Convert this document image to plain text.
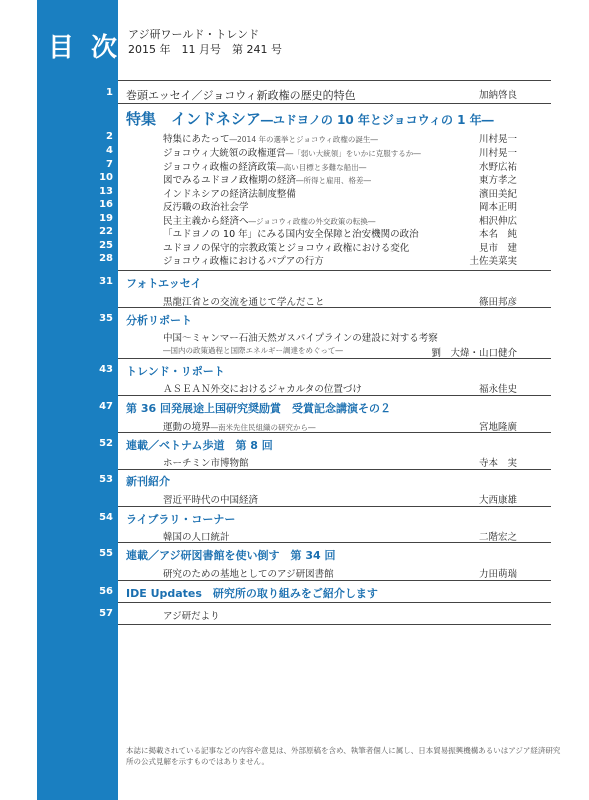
目次
アジ研ワールド・トレンド
2015 年　11 月号　第 241 号
1 巻頭エッセイ／ジョコウィ新政権の歴史的特色	加納啓良
特集　インドネシア―ユドヨノの 10 年とジョコウィの 1 年―
2	特集にあたって―2014 年の選挙とジョコウィ政権の誕生―	川村晃一
4	ジョコウィ大統領の政権運営―「弱い大統領」をいかに克服するか―	川村晃一
7	ジョコウィ政権の経済政策―高い目標と多難な船出―	水野広祐
10	図でみるユドヨノ政権期の経済―所得と雇用、格差―	東方孝之
13	インドネシアの経済法制度整備	濱田美紀
16	反汚職の政治社会学	岡本正明
19	民主主義から経済へ―ジョコウィ政権の外交政策の転換―	相沢伸広
22	「ユドヨノの 10 年」にみる国内安全保障と治安機関の政治	本名　純
25	ユドヨノの保守的宗教政策とジョコウィ政権における変化	見市　建
28	ジョコウィ政権におけるパプアの行方	土佐美菜実
31 フォトエッセイ
黒龍江省との交流を通じて学んだこと	篠田邦彦
35 分析リポート
中国～ミャンマー石油天然ガスパイプラインの建設に対する考察
―国内の政策過程と国際エネルギー調達をめぐって―	劉　大煒・山口健介
43 トレンド・リポート
ＡＳＥＡＮ外交におけるジャカルタの位置づけ	福永佳史
47 第 36 回発展途上国研究奨励賞　受賞記念講演その２
運動の境界―南米先住民組織の研究から―	宮地隆廣
52 連載／ベトナム歩道　第 8 回
ホーチミン市博物館	寺本　実
53 新刊紹介
習近平時代の中国経済	大西康雄
54 ライブラリ・コーナー
韓国の人口統計	二階宏之
55 連載／アジ研図書館を使い倒す　第 34 回
研究のための基地としてのアジ研図書館	力田萌瑞
56 IDE Updates　研究所の取り組みをご紹介します
57	アジ研だより
本誌に掲載されている記事などの内容や意見は、外部原稿を含め、執筆者個人に属し、日本貿易振興機構あるいはアジア経済研究所の公式見解を示すものではありません。
